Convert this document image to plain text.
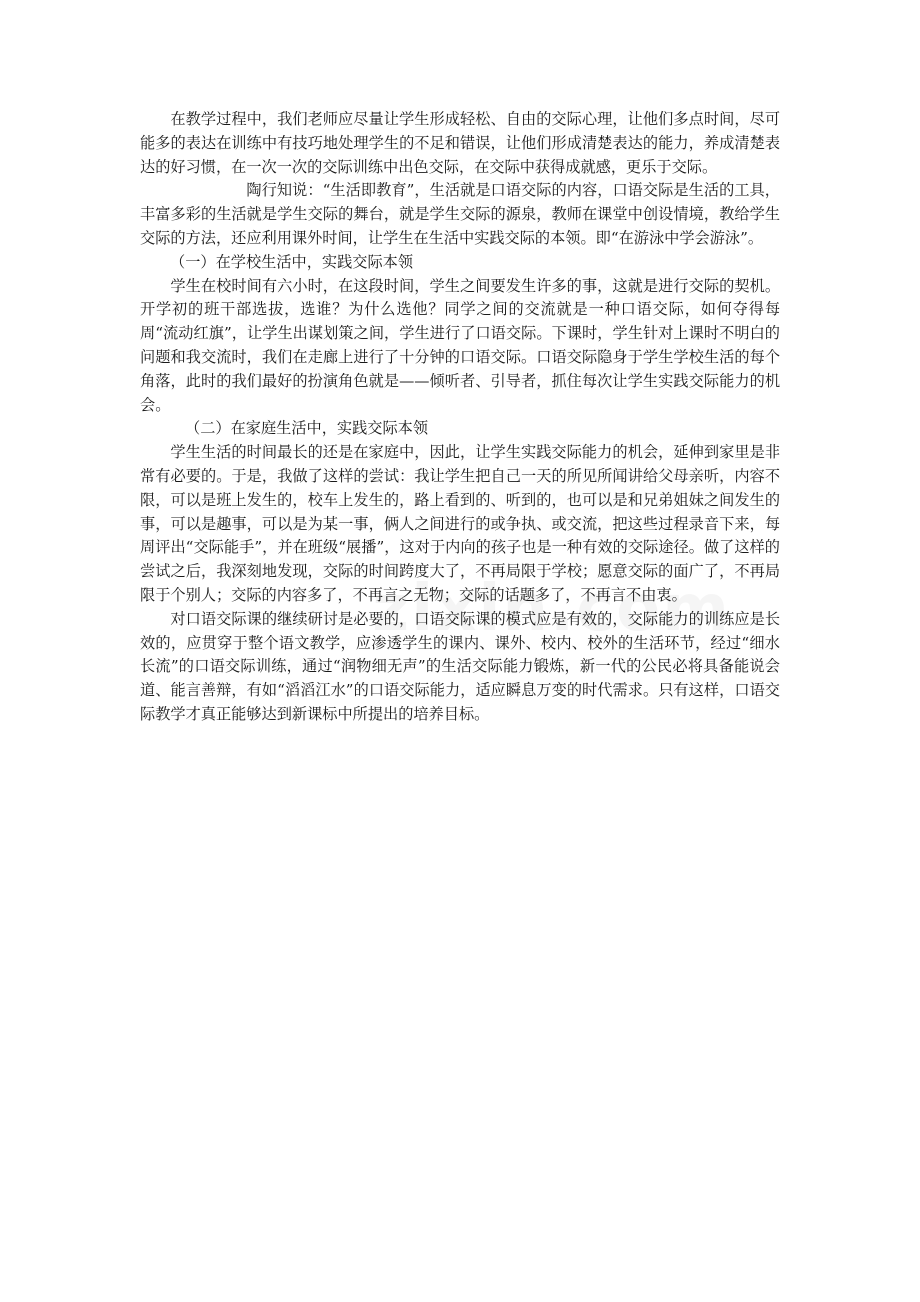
在教学过程中，我们老师应尽量让学生形成轻松、自由的交际心理，让他们多点时间，尽可能多的表达在训练中有技巧地处理学生的不足和错误，让他们形成清楚表达的能力，养成清楚表达的好习惯，在一次一次的交际训练中出色交际，在交际中获得成就感，更乐于交际。

陶行知说：“生活即教育”，生活就是口语交际的内容，口语交际是生活的工具，丰富多彩的生活就是学生交际的舞台，就是学生交际的源泉，教师在课堂中创设情境，教给学生交际的方法，还应利用课外时间，让学生在生活中实践交际的本领。即“在游泳中学会游泳”。

（一）在学校生活中，实践交际本领

学生在校时间有六小时，在这段时间，学生之间要发生许多的事，这就是进行交际的契机。开学初的班干部选拔，选谁？为什么选他？同学之间的交流就是一种口语交际，如何夺得每周“流动红旗”，让学生出谋划策之间，学生进行了口语交际。下课时，学生针对上课时不明白的问题和我交流时，我们在走廊上进行了十分钟的口语交际。口语交际隐身于学生学校生活的每个角落，此时的我们最好的扮演角色就是——倾听者、引导者，抓住每次让学生实践交际能力的机会。

（二）在家庭生活中，实践交际本领

学生生活的时间最长的还是在家庭中，因此，让学生实践交际能力的机会，延伸到家里是非常有必要的。于是，我做了这样的尝试：我让学生把自己一天的所见所闻讲给父母亲听，内容不限，可以是班上发生的，校车上发生的，路上看到的、听到的，也可以是和兄弟姐妹之间发生的事，可以是趣事，可以是为某一事，俩人之间进行的或争执、或交流，把这些过程录音下来，每周评出“交际能手”，并在班级“展播”，这对于内向的孩子也是一种有效的交际途径。做了这样的尝试之后，我深刻地发现，交际的时间跨度大了，不再局限于学校；愿意交际的面广了，不再局限于个别人；交际的内容多了，不再言之无物；交际的话题多了，不再言不由衷。

对口语交际课的继续研讨是必要的，口语交际课的模式应是有效的，交际能力的训练应是长效的，应贯穿于整个语文教学，应渗透学生的课内、课外、校内、校外的生活环节，经过“细水长流”的口语交际训练，通过“润物细无声”的生活交际能力锻炼，新一代的公民必将具备能说会道、能言善辩，有如“滔滔江水”的口语交际能力，适应瞬息万变的时代需求。只有这样，口语交际教学才真正能够达到新课标中所提出的培养目标。
